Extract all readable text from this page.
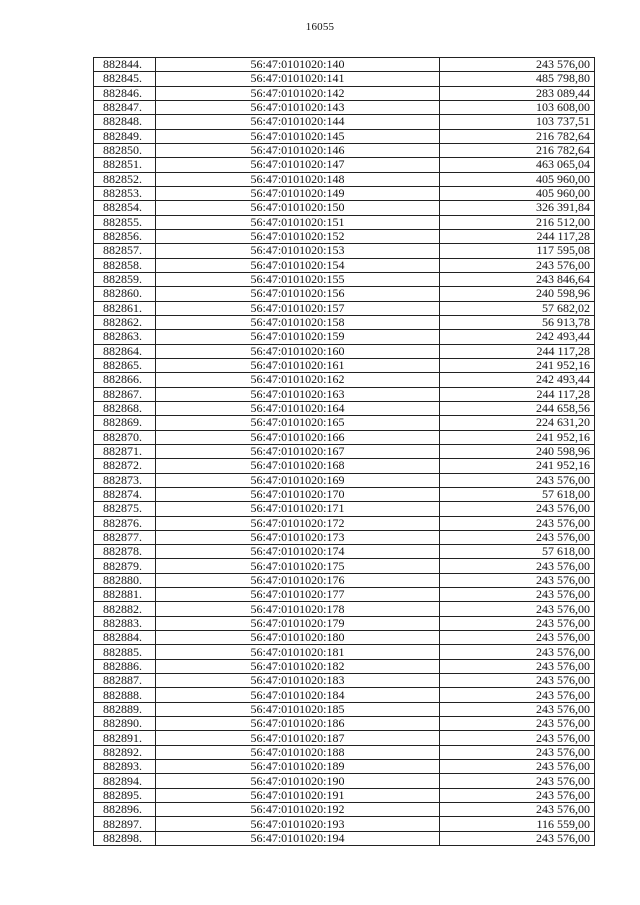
16055
882844.	56:47:0101020:140	243 576,00
882845.	56:47:0101020:141	485 798,80
882846.	56:47:0101020:142	283 089,44
882847.	56:47:0101020:143	103 608,00
882848.	56:47:0101020:144	103 737,51
882849.	56:47:0101020:145	216 782,64
882850.	56:47:0101020:146	216 782,64
882851.	56:47:0101020:147	463 065,04
882852.	56:47:0101020:148	405 960,00
882853.	56:47:0101020:149	405 960,00
882854.	56:47:0101020:150	326 391,84
882855.	56:47:0101020:151	216 512,00
882856.	56:47:0101020:152	244 117,28
882857.	56:47:0101020:153	117 595,08
882858.	56:47:0101020:154	243 576,00
882859.	56:47:0101020:155	243 846,64
882860.	56:47:0101020:156	240 598,96
882861.	56:47:0101020:157	57 682,02
882862.	56:47:0101020:158	56 913,78
882863.	56:47:0101020:159	242 493,44
882864.	56:47:0101020:160	244 117,28
882865.	56:47:0101020:161	241 952,16
882866.	56:47:0101020:162	242 493,44
882867.	56:47:0101020:163	244 117,28
882868.	56:47:0101020:164	244 658,56
882869.	56:47:0101020:165	224 631,20
882870.	56:47:0101020:166	241 952,16
882871.	56:47:0101020:167	240 598,96
882872.	56:47:0101020:168	241 952,16
882873.	56:47:0101020:169	243 576,00
882874.	56:47:0101020:170	57 618,00
882875.	56:47:0101020:171	243 576,00
882876.	56:47:0101020:172	243 576,00
882877.	56:47:0101020:173	243 576,00
882878.	56:47:0101020:174	57 618,00
882879.	56:47:0101020:175	243 576,00
882880.	56:47:0101020:176	243 576,00
882881.	56:47:0101020:177	243 576,00
882882.	56:47:0101020:178	243 576,00
882883.	56:47:0101020:179	243 576,00
882884.	56:47:0101020:180	243 576,00
882885.	56:47:0101020:181	243 576,00
882886.	56:47:0101020:182	243 576,00
882887.	56:47:0101020:183	243 576,00
882888.	56:47:0101020:184	243 576,00
882889.	56:47:0101020:185	243 576,00
882890.	56:47:0101020:186	243 576,00
882891.	56:47:0101020:187	243 576,00
882892.	56:47:0101020:188	243 576,00
882893.	56:47:0101020:189	243 576,00
882894.	56:47:0101020:190	243 576,00
882895.	56:47:0101020:191	243 576,00
882896.	56:47:0101020:192	243 576,00
882897.	56:47:0101020:193	116 559,00
882898.	56:47:0101020:194	243 576,00
